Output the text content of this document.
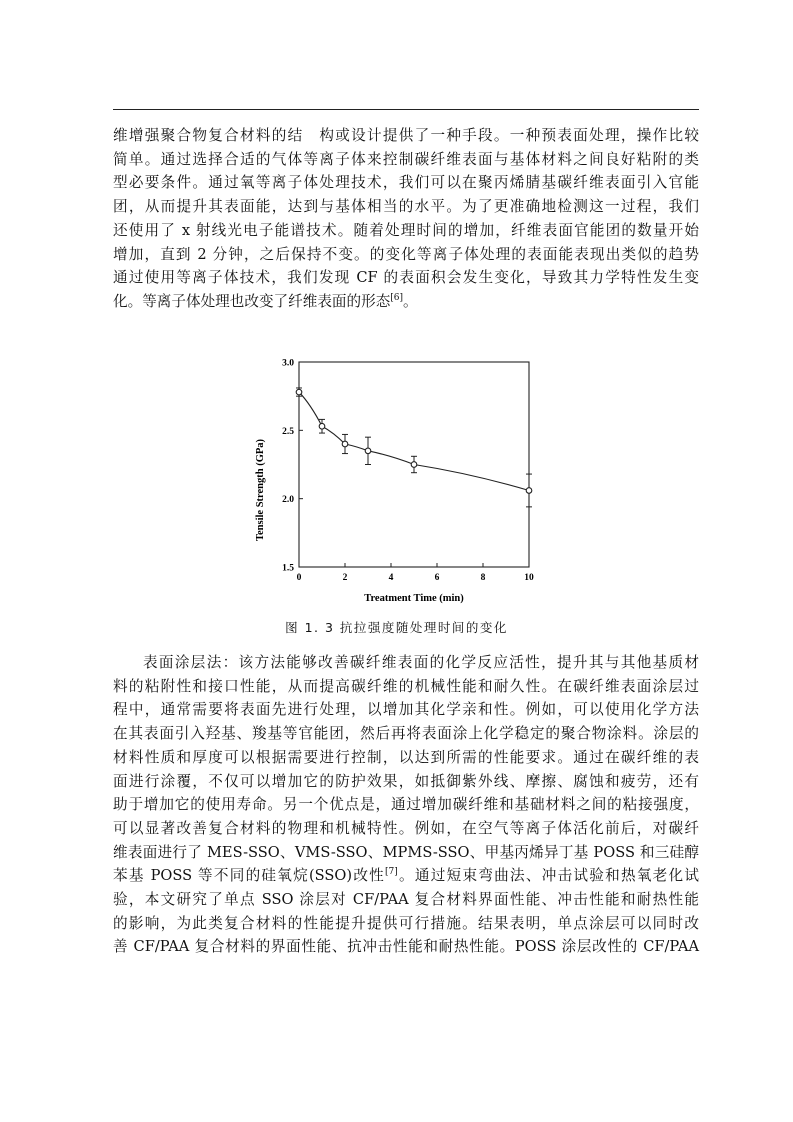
维增强聚合物复合材料的结　构或设计提供了一种手段。一种预表面处理，操作比较
简单。通过选择合适的气体等离子体来控制碳纤维表面与基体材料之间良好粘附的类
型必要条件。通过氧等离子体处理技术，我们可以在聚丙烯腈基碳纤维表面引入官能
团，从而提升其表面能，达到与基体相当的水平。为了更准确地检测这一过程，我们
还使用了 x 射线光电子能谱技术。随着处理时间的增加，纤维表面官能团的数量开始
增加，直到 2 分钟，之后保持不变。的变化等离子体处理的表面能表现出类似的趋势
通过使用等离子体技术，我们发现 CF 的表面积会发生变化，导致其力学特性发生变
化。等离子体处理也改变了纤维表面的形态[6]。
0	2	4	6	8	10
1.5
2.0
2.5
3.0
Treatment Time (min)
Tensile Strength (GPa)
图 1. 3 抗拉强度随处理时间的变化
表面涂层法：该方法能够改善碳纤维表面的化学反应活性，提升其与其他基质材
料的粘附性和接口性能，从而提高碳纤维的机械性能和耐久性。在碳纤维表面涂层过
程中，通常需要将表面先进行处理，以增加其化学亲和性。例如，可以使用化学方法
在其表面引入羟基、羧基等官能团，然后再将表面涂上化学稳定的聚合物涂料。涂层的
材料性质和厚度可以根据需要进行控制，以达到所需的性能要求。通过在碳纤维的表
面进行涂覆，不仅可以增加它的防护效果，如抵御紫外线、摩擦、腐蚀和疲劳，还有
助于增加它的使用寿命。另一个优点是，通过增加碳纤维和基础材料之间的粘接强度，
可以显著改善复合材料的物理和机械特性。例如，在空气等离子体活化前后，对碳纤
维表面进行了 MES-SSO、VMS-SSO、MPMS-SSO、甲基丙烯异丁基 POSS 和三硅醇
苯基 POSS 等不同的硅氧烷(SSO)改性[7]。通过短束弯曲法、冲击试验和热氧老化试
验，本文研究了单点 SSO 涂层对 CF/PAA 复合材料界面性能、冲击性能和耐热性能
的影响，为此类复合材料的性能提升提供可行措施。结果表明，单点涂层可以同时改
善 CF/PAA 复合材料的界面性能、抗冲击性能和耐热性能。POSS 涂层改性的 CF/PAA
